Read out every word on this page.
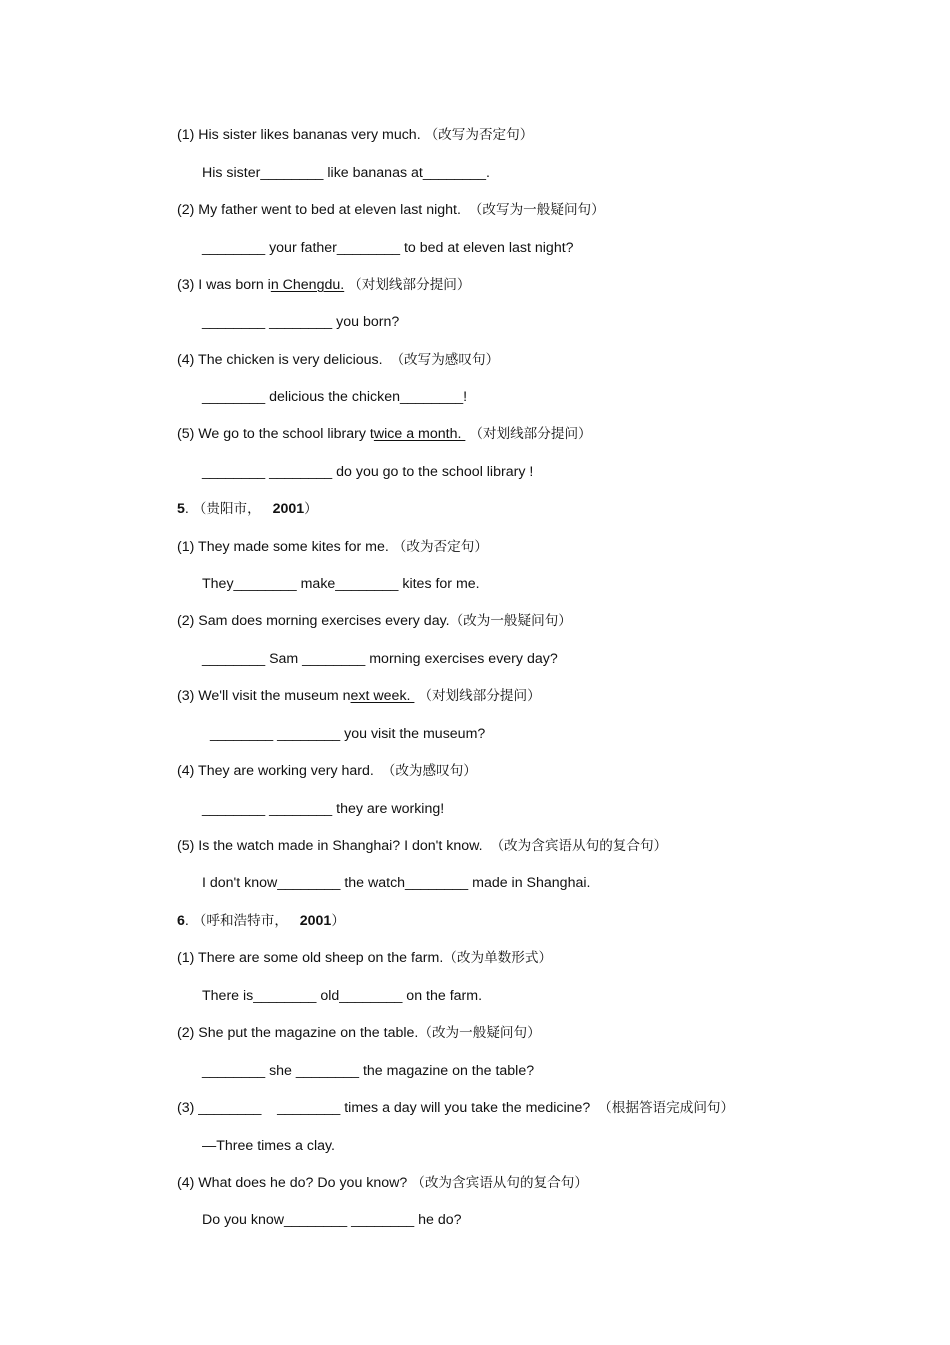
(1) His sister likes bananas very much. （改写为否定句）
His sister________ like bananas at________.
(2) My father went to bed at eleven last night.  （改写为一般疑问句）
________ your father________ to bed at eleven last night?
(3) I was born in Chengdu. （对划线部分提问）
________ ________ you born?
(4) The chicken is very delicious.  （改写为感叹句）
________ delicious the chicken________!
(5) We go to the school library twice a month.  （对划线部分提问）
________ ________ do you go to the school library !
5. （贵阳市， 2001）
(1) They made some kites for me. （改为否定句）
They________ make________ kites for me.
(2) Sam does morning exercises every day.（改为一般疑问句）
________ Sam ________ morning exercises every day?
(3) We'll visit the museum next week.  （对划线部分提问）
________ ________ you visit the museum?
(4) They are working very hard.  （改为感叹句）
________ ________ they are working!
(5) Is the watch made in Shanghai? I don't know.  （改为含宾语从句的复合句）
I don't know________ the watch________ made in Shanghai.
6. （呼和浩特市， 2001）
(1) There are some old sheep on the farm.（改为单数形式）
There is________ old________ on the farm.
(2) She put the magazine on the table.（改为一般疑问句）
________ she ________ the magazine on the table?
(3) ________    ________ times a day will you take the medicine?  （根据答语完成问句）
—Three times a clay.
(4) What does he do? Do you know? （改为含宾语从句的复合句）
Do you know________ ________ he do?
